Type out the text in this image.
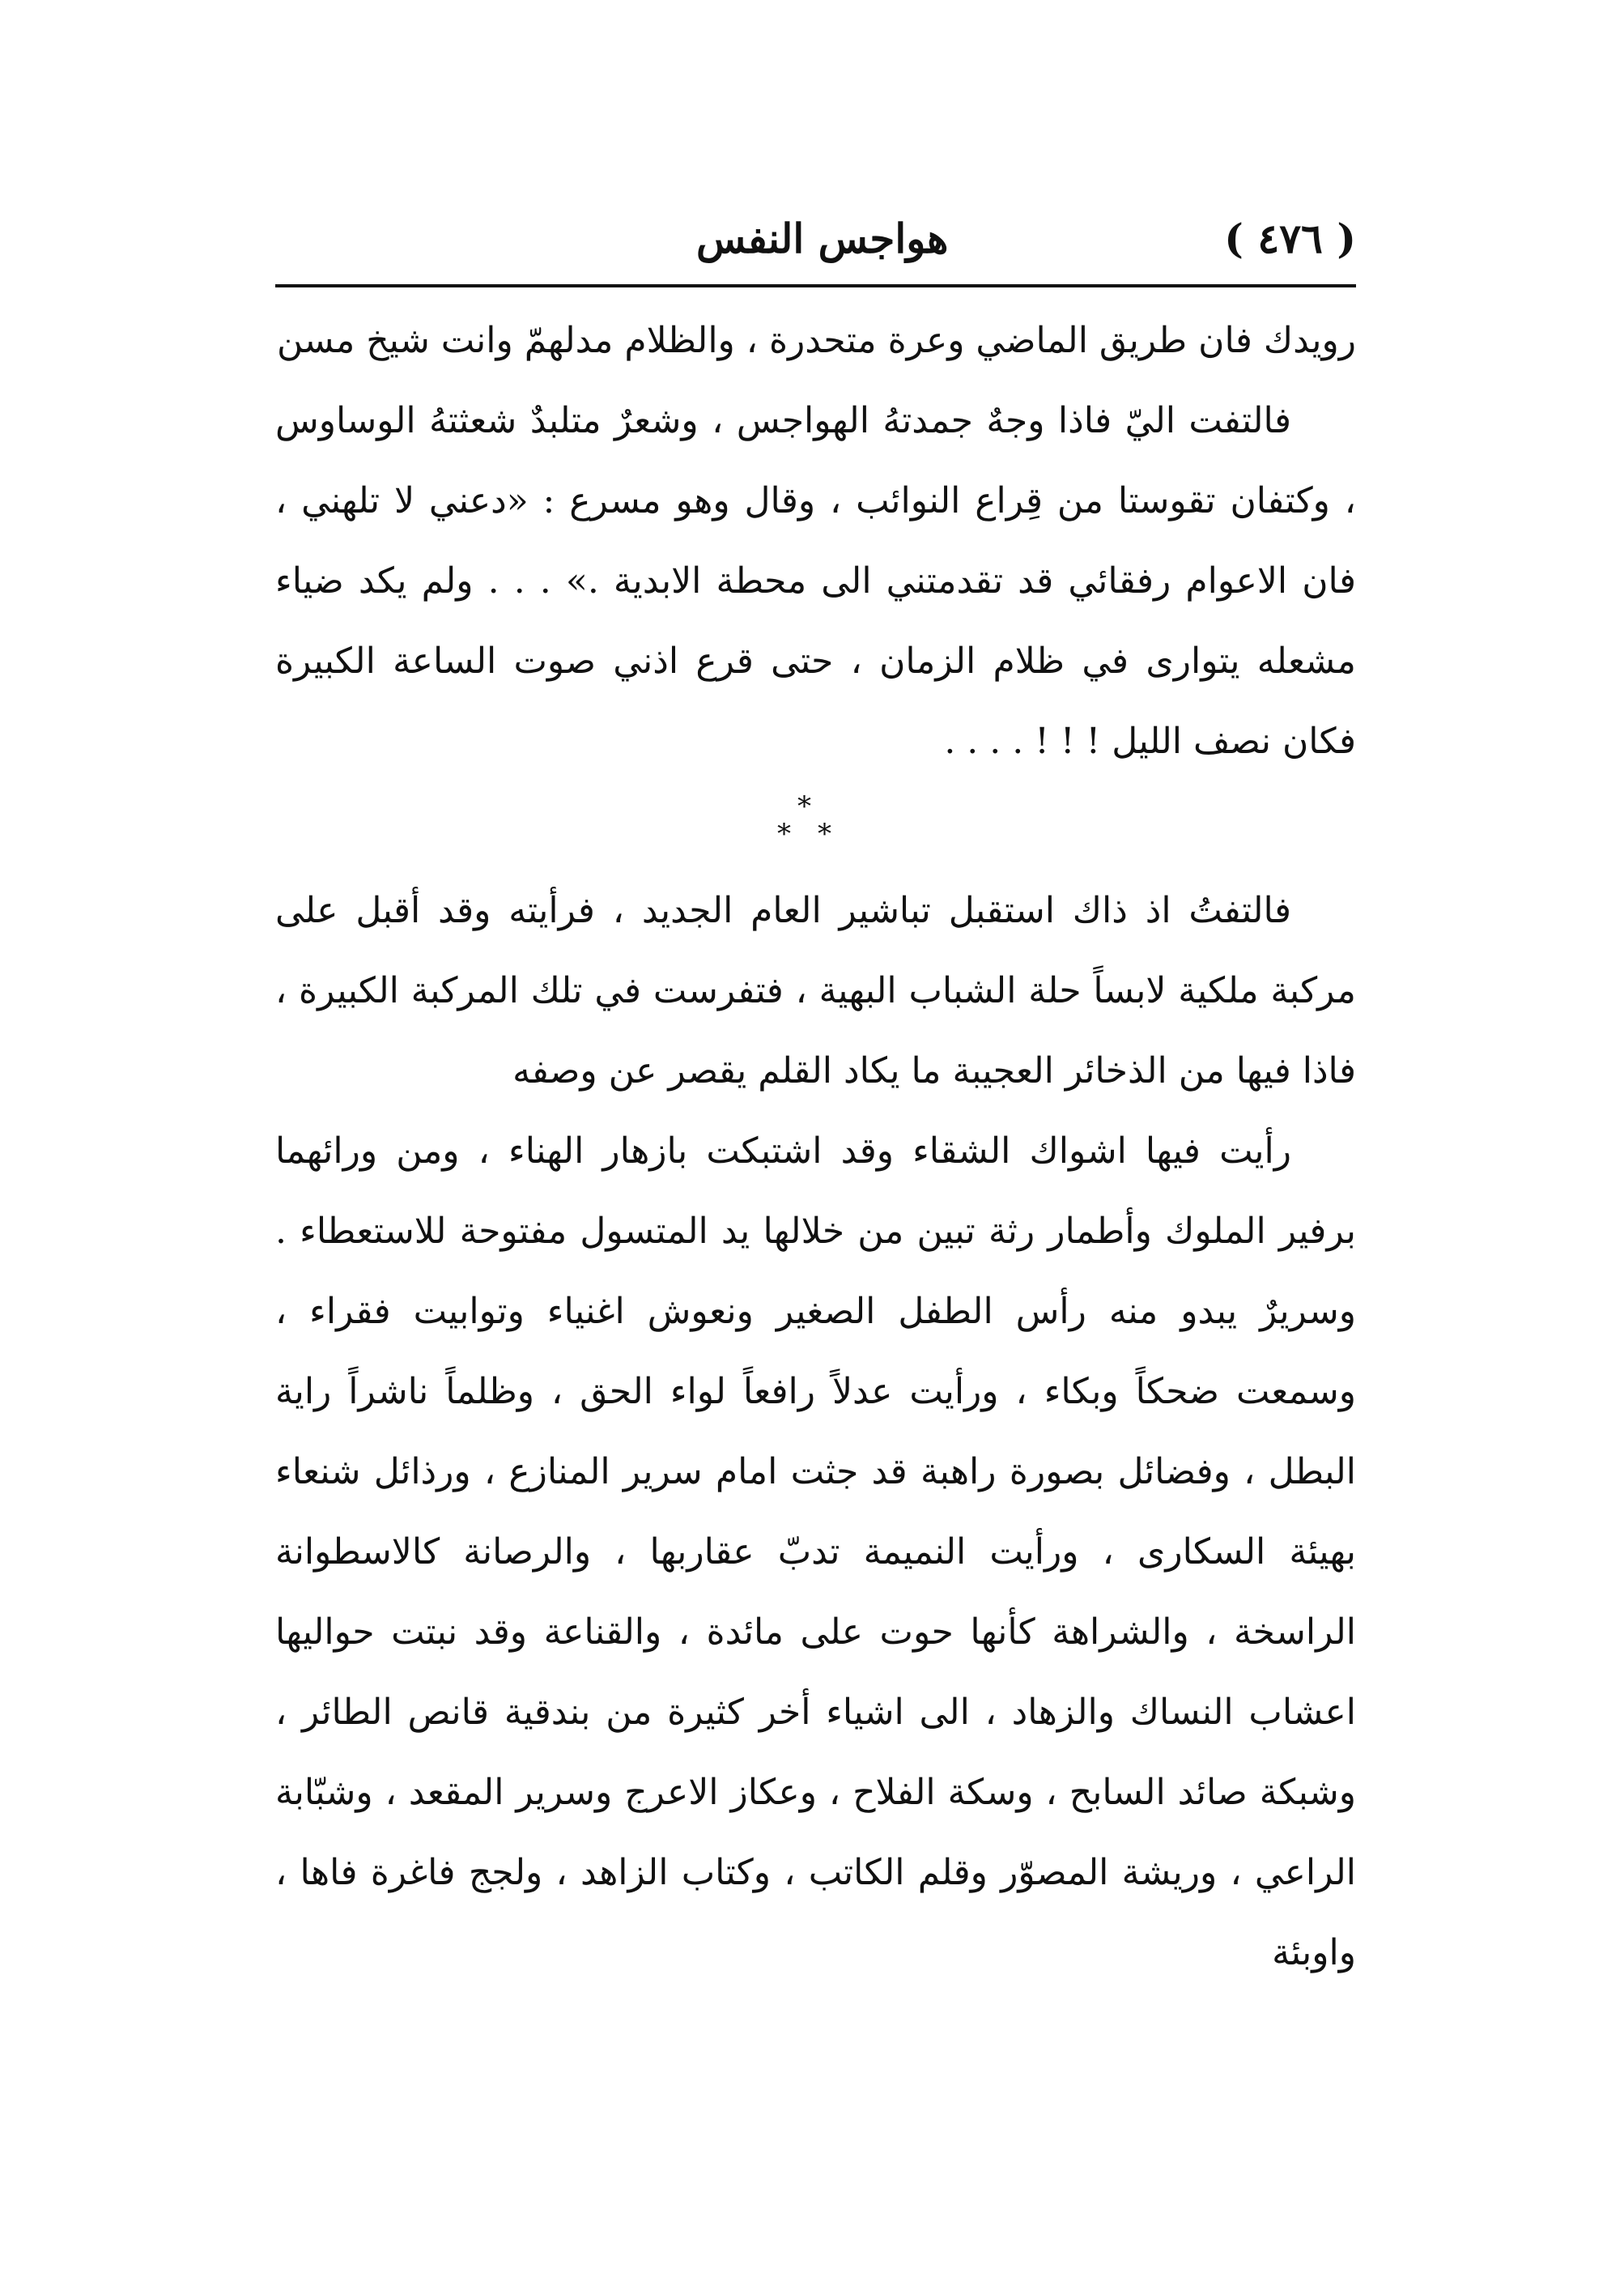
هواجس النفس	( ٤٧٦ )

رويدك فان طريق الماضي وعرة متحدرة ، والظلام مدلهمّ وانت شيخ مسن

فالتفت اليّ فاذا وجهٌ جمدتهُ الهواجس ، وشعرٌ متلبدٌ شعثتهُ الوساوس ، وكتفان تقوستا من قِراع النوائب ، وقال وهو مسرع : «دعني لا تلهني ، فان الاعوام رفقائي قد تقدمتني الى محطة الابدية .» . . . ولم يكد ضياء مشعله يتوارى في ظلام الزمان ، حتى قرع اذني صوت الساعة الكبيرة فكان نصف الليل ! ! ! . . . .

*
* *

فالتفتُ اذ ذاك استقبل تباشير العام الجديد ، فرأيته وقد أقبل على مركبة ملكية لابساً حلة الشباب البهية ، فتفرست في تلك المركبة الكبيرة ، فاذا فيها من الذخائر العجيبة ما يكاد القلم يقصر عن وصفه

رأيت فيها اشواك الشقاء وقد اشتبكت بازهار الهناء ، ومن ورائهما برفير الملوك وأطمار رثة تبين من خلالها يد المتسول مفتوحة للاستعطاء . وسريرٌ يبدو منه رأس الطفل الصغير ونعوش اغنياء وتوابيت فقراء ، وسمعت ضحكاً وبكاء ، ورأيت عدلاً رافعاً لواء الحق ، وظلماً ناشراً راية البطل ، وفضائل بصورة راهبة قد جثت امام سرير المنازع ، ورذائل شنعاء بهيئة السكارى ، ورأيت النميمة تدبّ عقاربها ، والرصانة كالاسطوانة الراسخة ، والشراهة كأنها حوت على مائدة ، والقناعة وقد نبتت حواليها اعشاب النساك والزهاد ، الى اشياء أخر كثيرة من بندقية قانص الطائر ، وشبكة صائد السابح ، وسكة الفلاح ، وعكاز الاعرج وسرير المقعد ، وشبّابة الراعي ، وريشة المصوّر وقلم الكاتب ، وكتاب الزاهد ، ولجج فاغرة فاها ، واوبئة
